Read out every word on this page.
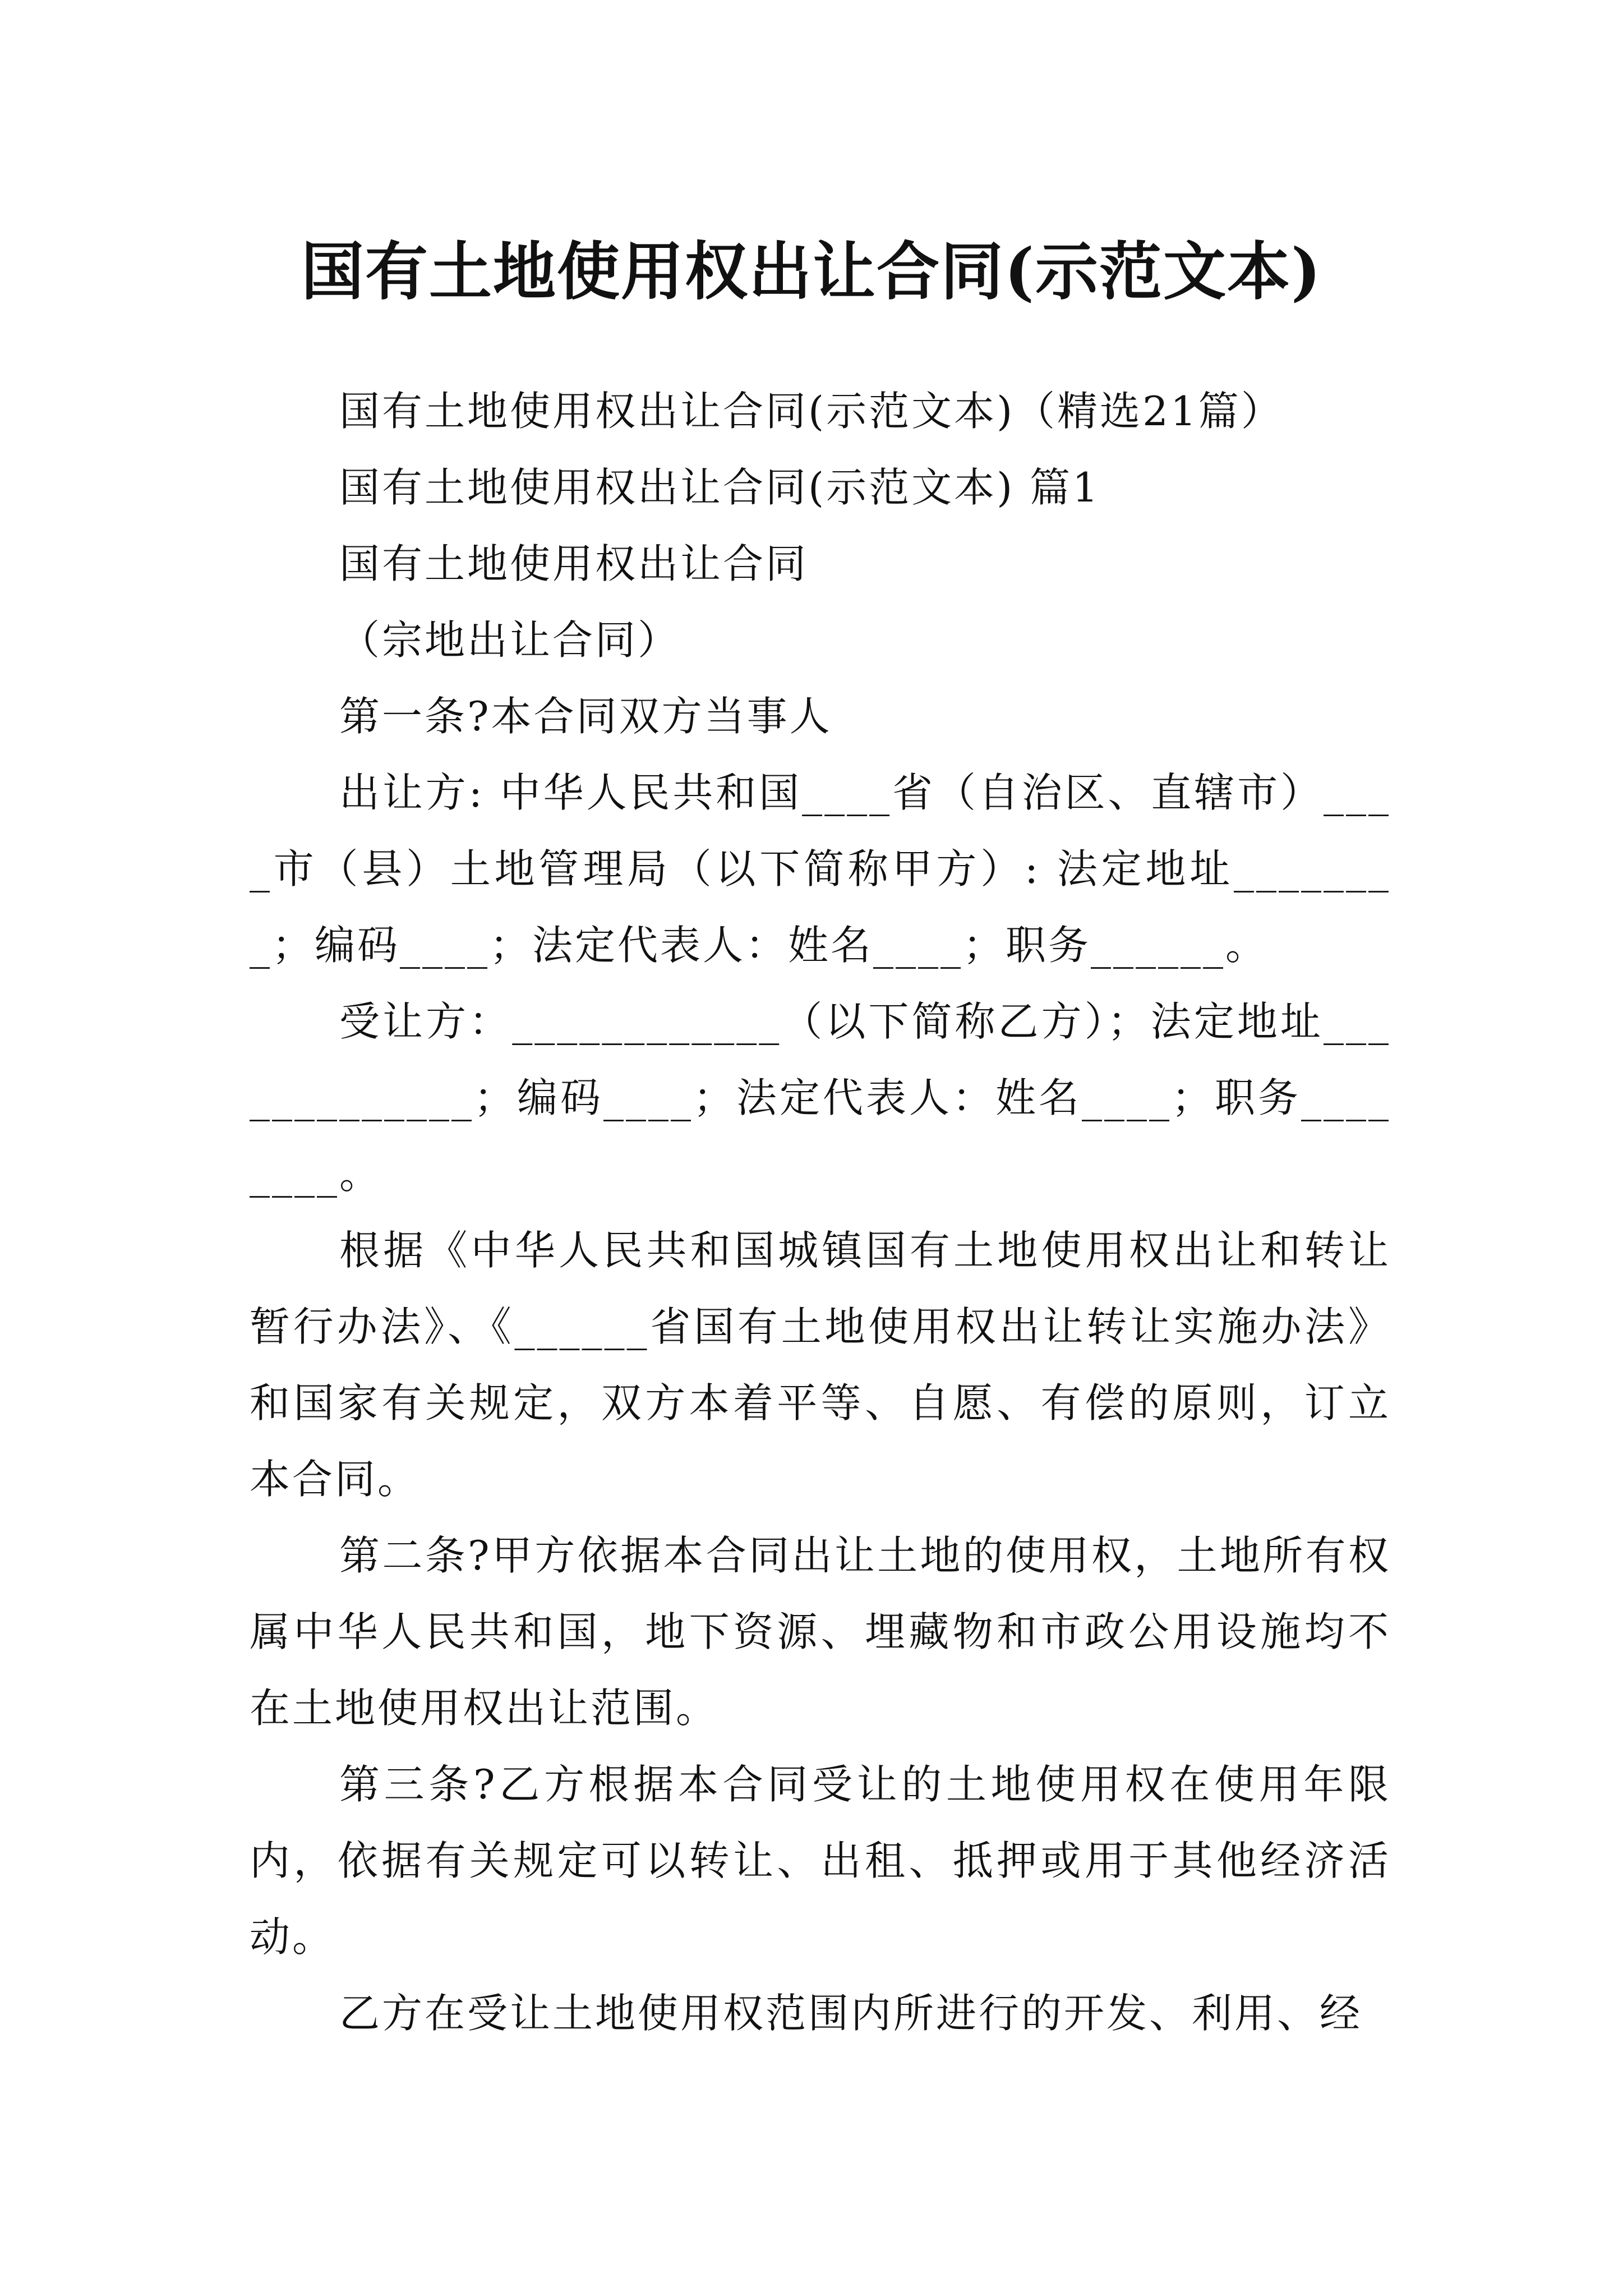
国有土地使用权出让合同(示范文本)

国有土地使用权出让合同(示范文本)（精选21篇）

国有土地使用权出让合同(示范文本) 篇1

国有土地使用权出让合同

（宗地出让合同）

第一条?本合同双方当事人

出让方: 中华人民共和国____省（自治区、直辖市）____市（县）土地管理局（以下简称甲方）: 法定地址________；编码____；法定代表人：姓名____；职务______。

受让方：____________（以下简称乙方）；法定地址_____________；编码____；法定代表人：姓名____；职务________。

根据《中华人民共和国城镇国有土地使用权出让和转让暂行办法》、《______省国有土地使用权出让转让实施办法》和国家有关规定，双方本着平等、自愿、有偿的原则，订立本合同。

第二条?甲方依据本合同出让土地的使用权，土地所有权属中华人民共和国，地下资源、埋藏物和市政公用设施均不在土地使用权出让范围。

第三条?乙方根据本合同受让的土地使用权在使用年限内，依据有关规定可以转让、出租、抵押或用于其他经济活动。

乙方在受让土地使用权范围内所进行的开发、利用、经
